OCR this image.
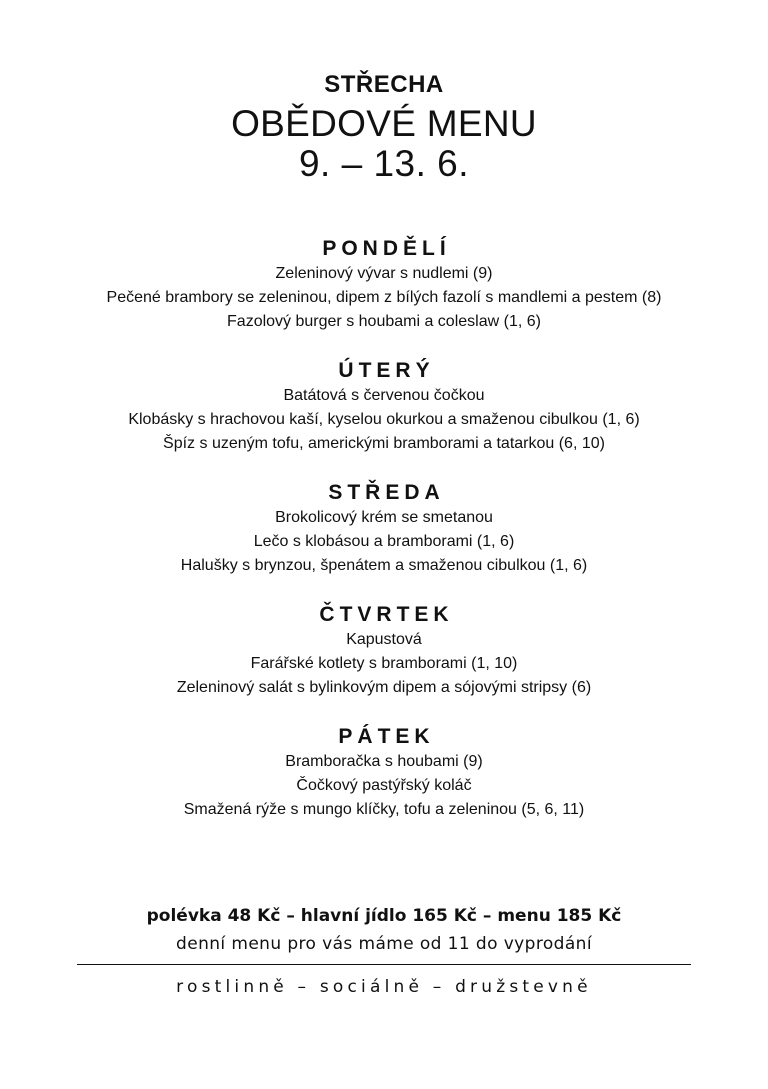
STŘECHA
OBĚDOVÉ MENU
9. – 13. 6.
PONDĚLÍ
Zeleninový vývar s nudlemi (9)
Pečené brambory se zeleninou, dipem z bílých fazolí s mandlemi a pestem (8)
Fazolový burger s houbami a coleslaw (1, 6)
ÚTERÝ
Batátová s červenou čočkou
Klobásky s hrachovou kaší, kyselou okurkou a smaženou cibulkou (1, 6)
Špíz s uzeným tofu, americkými bramborami a tatarkou (6, 10)
STŘEDA
Brokolicový krém se smetanou
Lečo s klobásou a bramborami (1, 6)
Halušky s brynzou, špenátem a smaženou cibulkou (1, 6)
ČTVRTEK
Kapustová
Farářské kotlety s bramborami (1, 10)
Zeleninový salát s bylinkovým dipem a sójovými stripsy (6)
PÁTEK
Bramboračka s houbami (9)
Čočkový pastýřský koláč
Smažená rýže s mungo klíčky, tofu a zeleninou (5, 6, 11)
polévka 48 Kč – hlavní jídlo 165 Kč – menu 185 Kč
denní menu pro vás máme od 11 do vyprodání
rostlinně – sociálně – družstevně
